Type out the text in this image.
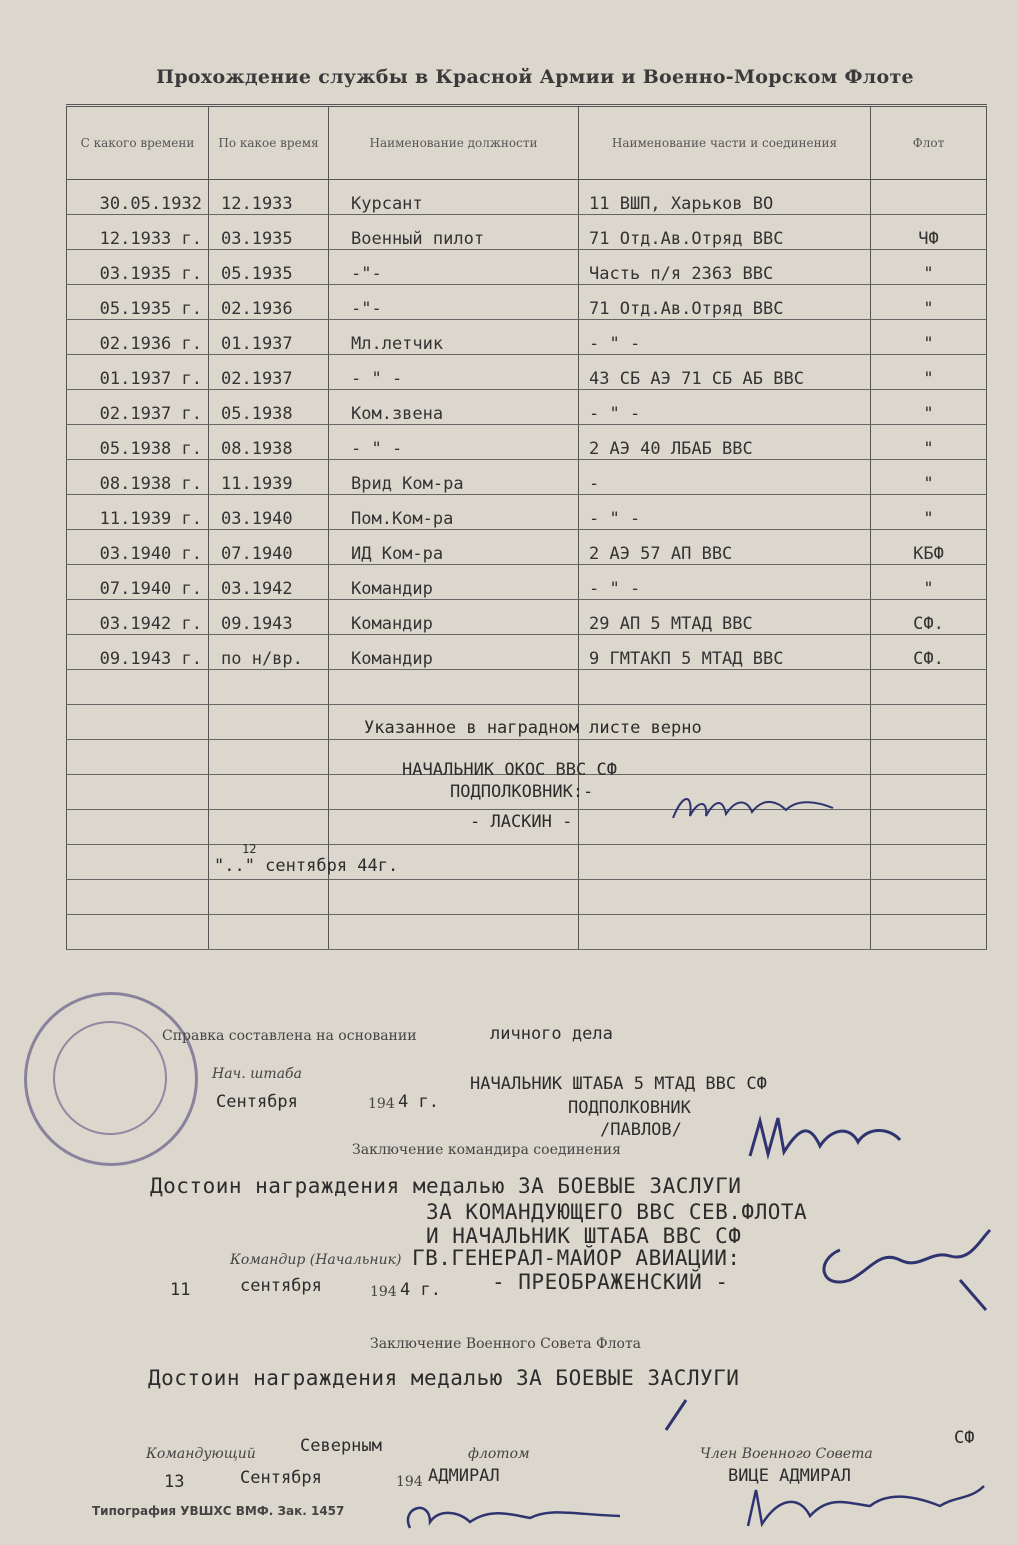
Прохождение службы в Красной Армии и Военно-Морском Флоте
С какого времени	По какое время	Наименование должности	Наименование части и соединения	Флот
30.05.1932	12.1933	Курсант	11 ВШП, Харьков ВО	
12.1933 г.	03.1935	Военный пилот	71 Отд.Ав.Отряд ВВС	ЧФ
03.1935 г.	05.1935	-"-	Часть п/я 2363 ВВС	"
05.1935 г.	02.1936	-"-	71 Отд.Ав.Отряд ВВС	"
02.1936 г.	01.1937	Мл.летчик	- " -	"
01.1937 г.	02.1937	- " -	43 СБ АЭ 71 СБ АБ ВВС	"
02.1937 г.	05.1938	Ком.звена	- " -	"
05.1938 г.	08.1938	- " -	2 АЭ 40 ЛБАБ ВВС	"
08.1938 г.	11.1939	Врид Ком-ра	-	"
11.1939 г.	03.1940	Пом.Ком-ра	- " -	"
03.1940 г.	07.1940	ИД Ком-ра	2 АЭ 57 АП ВВС	КБФ
07.1940 г.	03.1942	Командир	- " -	"
03.1942 г.	09.1943	Командир	29 АП 5 МТАД ВВС	СФ.
09.1943 г.	по н/вр.	Командир	9 ГМТАКП 5 МТАД ВВС	СФ.

Указанное в наградном листе верно
НАЧАЛЬНИК ОКОС ВВС СФ
ПОДПОЛКОВНИК:-
- ЛАСКИН -
12
".." сентября 44г.
Справка составлена на основании	личного дела
Нач. штаба
Сентября	194 4 г.
НАЧАЛЬНИК ШТАБА 5 МТАД ВВС СФ
ПОДПОЛКОВНИК
/ПАВЛОВ/
Заключение командира соединения
Достоин награждения медалью ЗА БОЕВЫЕ ЗАСЛУГИ
ЗА КОМАНДУЮЩЕГО ВВС СЕВ.ФЛОТА
И НАЧАЛЬНИК ШТАБА ВВС СФ
Командир (Начальник) ГВ.ГЕНЕРАЛ-МАЙОР АВИАЦИИ:
11	сентября	194 4 г. - ПРЕОБРАЖЕНСКИЙ -
Заключение Военного Совета Флота
Достоин награждения медалью ЗА БОЕВЫЕ ЗАСЛУГИ
Командующий	Северным	флотом	Член Военного Совета
СФ
13	Сентября	194 АДМИРАЛ	ВИЦЕ АДМИРАЛ
Типография УВШХС ВМФ. Зак. 1457
